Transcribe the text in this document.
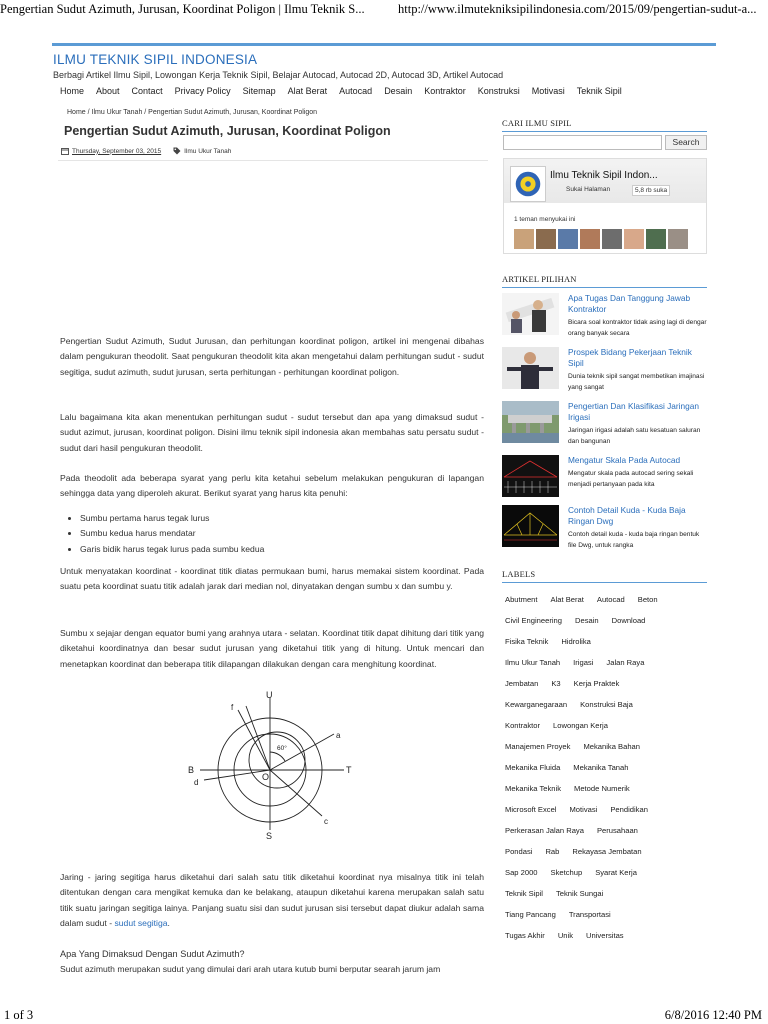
Pengertian Sudut Azimuth, Jurusan, Koordinat Poligon | Ilmu Teknik S...	http://www.ilmutekniksipilindonesia.com/2015/09/pengertian-sudut-a...
ILMU TEKNIK SIPIL INDONESIA
Berbagi Artikel Ilmu Sipil, Lowongan Kerja Teknik Sipil, Belajar Autocad, Autocad 2D, Autocad 3D, Artikel Autocad
Home About Contact Privacy Policy Sitemap Alat Berat Autocad Desain Kontraktor Konstruksi Motivasi Teknik Sipil
Home / Ilmu Ukur Tanah / Pengertian Sudut Azimuth, Jurusan, Koordinat Poligon
Pengertian Sudut Azimuth, Jurusan, Koordinat Poligon
Thursday, September 03, 2015	Ilmu Ukur Tanah

Pengertian Sudut Azimuth, Sudut Jurusan, dan perhitungan koordinat poligon, artikel ini mengenai dibahas dalam pengukuran theodolit. Saat pengukuran theodolit kita akan mengetahui dalam perhitungan sudut - sudut segitiga, sudut azimuth, sudut jurusan, serta perhitungan - perhitungan koordinat poligon.

Lalu bagaimana kita akan menentukan perhitungan sudut - sudut tersebut dan apa yang dimaksud sudut - sudut azimut, jurusan, koordinat poligon. Disini ilmu teknik sipil indonesia akan membahas satu persatu sudut - sudut dari hasil pengukuran theodolit.

Pada theodolit ada beberapa syarat yang perlu kita ketahui sebelum melakukan pengukuran di lapangan sehingga data yang diperoleh akurat. Berikut syarat yang harus kita penuhi:

• Sumbu pertama harus tegak lurus
• Sumbu kedua harus mendatar
• Garis bidik harus tegak lurus pada sumbu kedua

Untuk menyatakan koordinat - koordinat titik diatas permukaan bumi, harus memakai sistem koordinat. Pada suatu peta koordinat suatu titik adalah jarak dari median nol, dinyatakan dengan sumbu x dan sumbu y.

Sumbu x sejajar dengan equator bumi yang arahnya utara - selatan. Koordinat titik dapat dihitung dari titik yang diketahui koordinatnya dan besar sudut jurusan yang diketahui titik yang di hitung. Untuk mencari dan menetapkan koordinat dan beberapa titik dilapangan dilakukan dengan cara menghitung koordinat.

U
S
B	T
O
a
c
d
f
60°

Jaring - jaring segitiga harus diketahui dari salah satu titik diketahui koordinat nya misalnya titik ini telah ditentukan dengan cara mengikat kemuka dan ke belakang, ataupun diketahui karena merupakan salah satu titik suatu jaringan segitiga lainya. Panjang suatu sisi dan sudut jurusan sisi tersebut dapat diukur adalah sama dalam sudut - sudut segitiga.

Apa Yang Dimaksud Dengan Sudut Azimuth?

Sudut azimuth merupakan sudut yang dimulai dari arah utara kutub bumi berputar searah jarum jam

CARI ILMU SIPIL
Search
Ilmu Teknik Sipil Indon...
Sukai Halaman	5,8 rb suka
1 teman menyukai ini
ARTIKEL PILIHAN
Apa Tugas Dan Tanggung Jawab Kontraktor
Bicara soal kontraktor tidak asing lagi di dengar orang banyak secara
Prospek Bidang Pekerjaan Teknik Sipil
Dunia teknik sipil sangat membetikan imajinasi yang sangat
Pengertian Dan Klasifikasi Jaringan Irigasi
Jaringan irigasi adalah satu kesatuan saluran dan bangunan
Mengatur Skala Pada Autocad
Mengatur skala pada autocad sering sekali menjadi pertanyaan pada kita
Contoh Detail Kuda - Kuda Baja Ringan Dwg
Contoh detail kuda - kuda baja ringan bentuk file Dwg, untuk rangka
LABELS
Abutment Alat Berat Autocad Beton
Civil Engineering Desain Download
Fisika Teknik Hidrolika
Ilmu Ukur Tanah Irigasi Jalan Raya
Jembatan K3 Kerja Praktek
Kewarganegaraan Konstruksi Baja
Kontraktor Lowongan Kerja
Manajemen Proyek Mekanika Bahan
Mekanika Fluida Mekanika Tanah
Mekanika Teknik Metode Numerik
Microsoft Excel Motivasi Pendidikan
Perkerasan Jalan Raya Perusahaan
Pondasi Rab Rekayasa Jembatan
Sap 2000 Sketchup Syarat Kerja
Teknik Sipil Teknik Sungai
Tiang Pancang Transportasi
Tugas Akhir Unik Universitas
1 of 3	6/8/2016 12:40 PM
